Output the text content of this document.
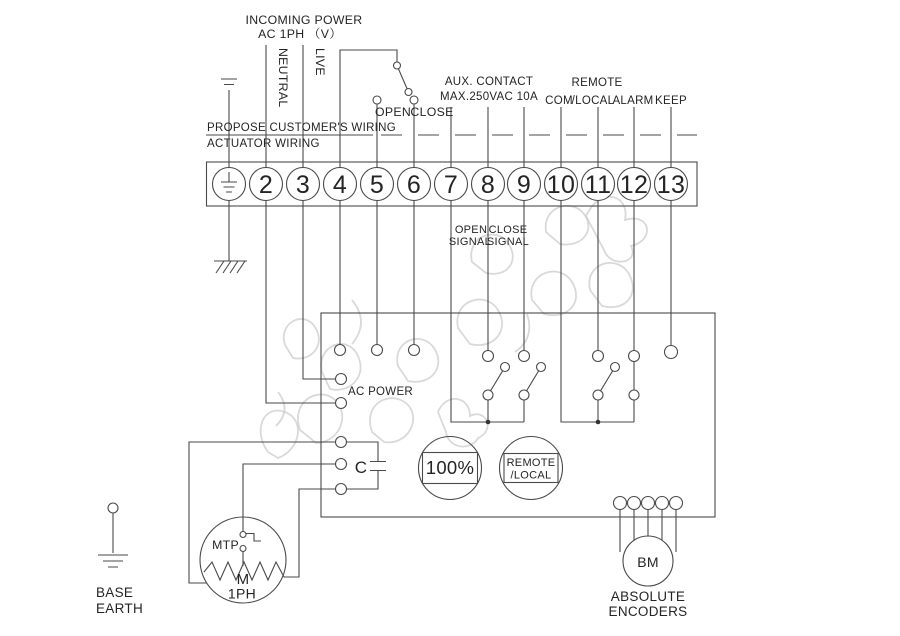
2 3 4 5 6 7 8 9 10 11 12 13
INCOMING POWER
AC 1PH （V）
NEUTRAL LIVE
OPEN CLOSE
AUX. CONTACT
MAX.250VAC 10A
REMOTE
COM
/LOCAL
ALARM KEEP
PROPOSE CUSTOMER'S WIRING
ACTUATOR WIRING
OPEN
SIGNAL
CLOSE
SIGNAL
AC POWER
C	100%	REMOTE
/LOCAL
MTP
M
1PH
BM
ABSOLUTE
ENCODERS
BASE
EARTH
